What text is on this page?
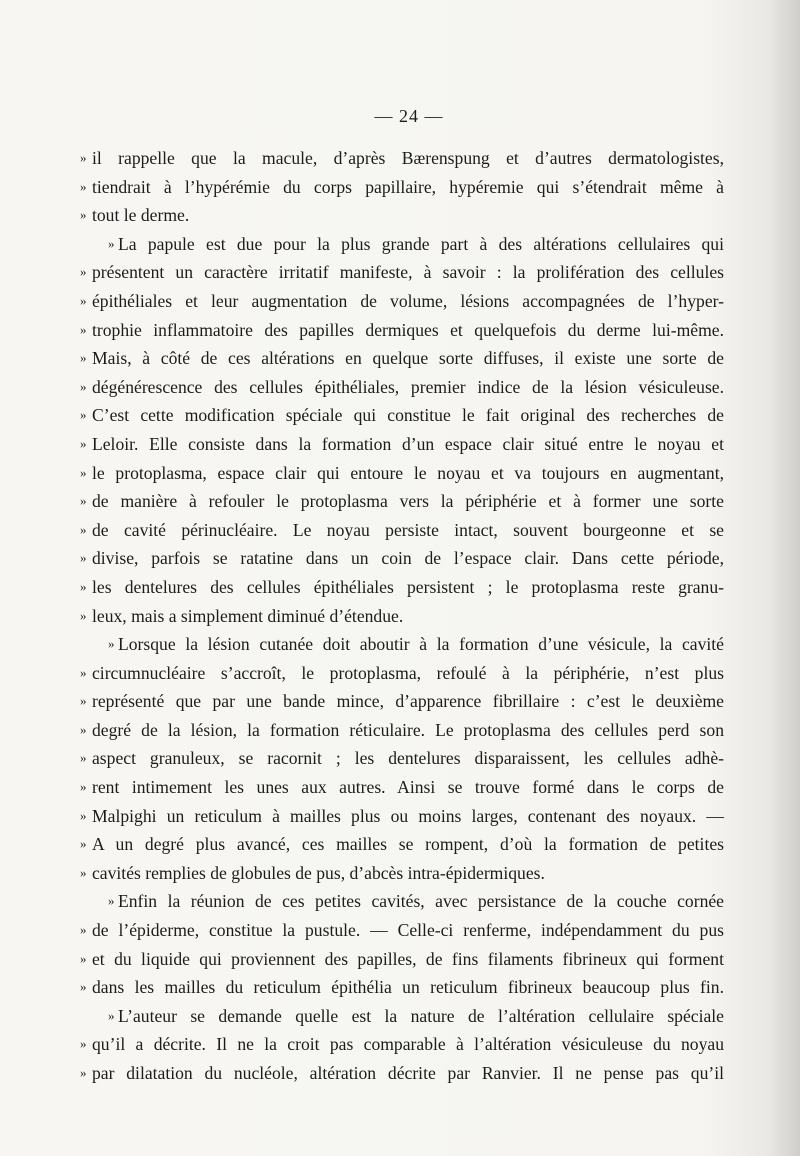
— 24 —
» il rappelle que la macule, d’après Bærenspung et d’autres dermatologistes,
» tiendrait à l’hypérémie du corps papillaire, hypéremie qui s’étendrait même à
» tout le derme.
» La papule est due pour la plus grande part à des altérations cellulaires qui
» présentent un caractère irritatif manifeste, à savoir : la prolifération des cellules
» épithéliales et leur augmentation de volume, lésions accompagnées de l’hyper-
» trophie inflammatoire des papilles dermiques et quelquefois du derme lui-même.
» Mais, à côté de ces altérations en quelque sorte diffuses, il existe une sorte de
» dégénérescence des cellules épithéliales, premier indice de la lésion vésiculeuse.
» C’est cette modification spéciale qui constitue le fait original des recherches de
» Leloir. Elle consiste dans la formation d’un espace clair situé entre le noyau et
» le protoplasma, espace clair qui entoure le noyau et va toujours en augmentant,
» de manière à refouler le protoplasma vers la périphérie et à former une sorte
» de cavité périnucléaire. Le noyau persiste intact, souvent bourgeonne et se
» divise, parfois se ratatine dans un coin de l’espace clair. Dans cette période,
» les dentelures des cellules épithéliales persistent ; le protoplasma reste granu-
» leux, mais a simplement diminué d’étendue.
» Lorsque la lésion cutanée doit aboutir à la formation d’une vésicule, la cavité
» circumnucléaire s’accroît, le protoplasma, refoulé à la périphérie, n’est plus
» représenté que par une bande mince, d’apparence fibrillaire : c’est le deuxième
» degré de la lésion, la formation réticulaire. Le protoplasma des cellules perd son
» aspect granuleux, se racornit ; les dentelures disparaissent, les cellules adhè-
» rent intimement les unes aux autres. Ainsi se trouve formé dans le corps de
» Malpighi un reticulum à mailles plus ou moins larges, contenant des noyaux. —
» A un degré plus avancé, ces mailles se rompent, d’où la formation de petites
» cavités remplies de globules de pus, d’abcès intra-épidermiques.
» Enfin la réunion de ces petites cavités, avec persistance de la couche cornée
» de l’épiderme, constitue la pustule. — Celle-ci renferme, indépendamment du pus
» et du liquide qui proviennent des papilles, de fins filaments fibrineux qui forment
» dans les mailles du reticulum épithélia un reticulum fibrineux beaucoup plus fin.
» L’auteur se demande quelle est la nature de l’altération cellulaire spéciale
» qu’il a décrite. Il ne la croit pas comparable à l’altération vésiculeuse du noyau
» par dilatation du nucléole, altération décrite par Ranvier. Il ne pense pas qu’il
